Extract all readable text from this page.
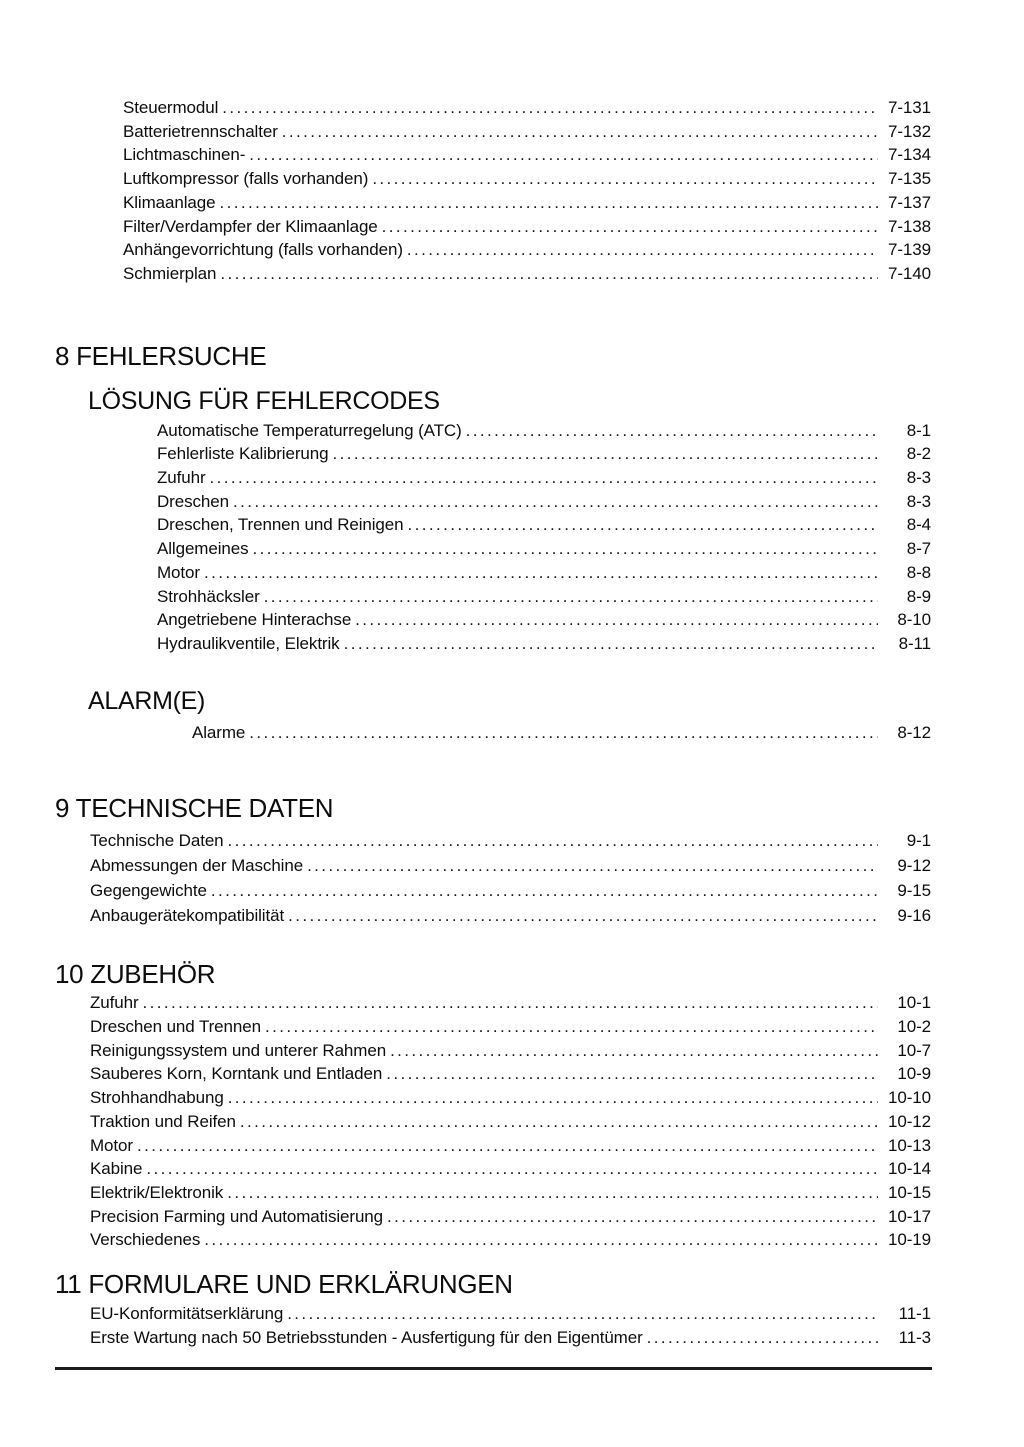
Steuermodul .....	7-131
Batterietrennschalter .....	7-132
Lichtmaschinen- .....	7-134
Luftkompressor (falls vorhanden) .....	7-135
Klimaanlage .....	7-137
Filter/Verdampfer der Klimaanlage .....	7-138
Anhängevorrichtung (falls vorhanden) .....	7-139
Schmierplan .....	7-140
8 FEHLERSUCHE
LÖSUNG FÜR FEHLERCODES
Automatische Temperaturregelung (ATC) .....	8-1
Fehlerliste Kalibrierung .....	8-2
Zufuhr .....	8-3
Dreschen .....	8-3
Dreschen, Trennen und Reinigen .....	8-4
Allgemeines .....	8-7
Motor .....	8-8
Strohhäcksler .....	8-9
Angetriebene Hinterachse .....	8-10
Hydraulikventile, Elektrik .....	8-11
ALARM(E)
Alarme .....	8-12
9 TECHNISCHE DATEN
Technische Daten .....	9-1
Abmessungen der Maschine .....	9-12
Gegengewichte .....	9-15
Anbaugerätekompatibilität .....	9-16
10 ZUBEHÖR
Zufuhr .....	10-1
Dreschen und Trennen .....	10-2
Reinigungssystem und unterer Rahmen .....	10-7
Sauberes Korn, Korntank und Entladen .....	10-9
Strohhandhabung .....	10-10
Traktion und Reifen .....	10-12
Motor .....	10-13
Kabine .....	10-14
Elektrik/Elektronik .....	10-15
Precision Farming und Automatisierung .....	10-17
Verschiedenes .....	10-19
11 FORMULARE UND ERKLÄRUNGEN
EU-Konformitätserklärung .....	11-1
Erste Wartung nach 50 Betriebsstunden - Ausfertigung für den Eigentümer .....	11-3
